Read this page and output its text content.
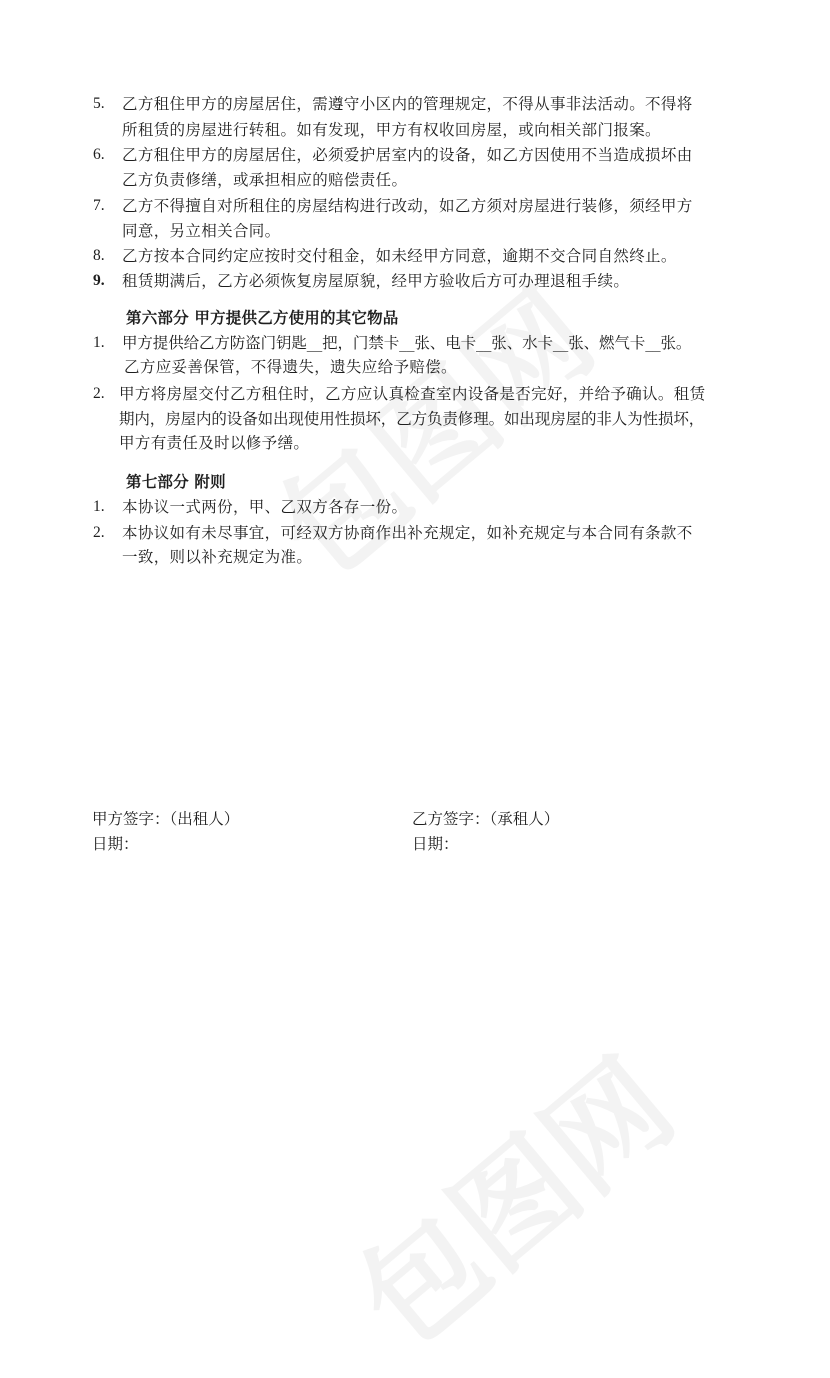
5. 乙方租住甲方的房屋居住，需遵守小区内的管理规定，不得从事非法活动。不得将
所租赁的房屋进行转租。如有发现，甲方有权收回房屋，或向相关部门报案。
6. 乙方租住甲方的房屋居住，必须爱护居室内的设备，如乙方因使用不当造成损坏由
乙方负责修缮，或承担相应的赔偿责任。
7. 乙方不得擅自对所租住的房屋结构进行改动，如乙方须对房屋进行装修，须经甲方
同意，另立相关合同。
8. 乙方按本合同约定应按时交付租金，如未经甲方同意，逾期不交合同自然终止。
9. 租赁期满后，乙方必须恢复房屋原貌，经甲方验收后方可办理退租手续。
第六部分 甲方提供乙方使用的其它物品
1. 甲方提供给乙方防盗门钥匙__把，门禁卡__张、电卡__张、水卡__张、燃气卡__张。
乙方应妥善保管，不得遗失，遗失应给予赔偿。
2. 甲方将房屋交付乙方租住时，乙方应认真检查室内设备是否完好，并给予确认。租赁
期内，房屋内的设备如出现使用性损坏，乙方负责修理。如出现房屋的非人为性损坏，
甲方有责任及时以修予缮。
第七部分 附则
1. 本协议一式两份，甲、乙双方各存一份。
2. 本协议如有未尽事宜，可经双方协商作出补充规定，如补充规定与本合同有条款不
一致，则以补充规定为准。
甲方签字：（出租人）
日期：
乙方签字：（承租人）
日期：
